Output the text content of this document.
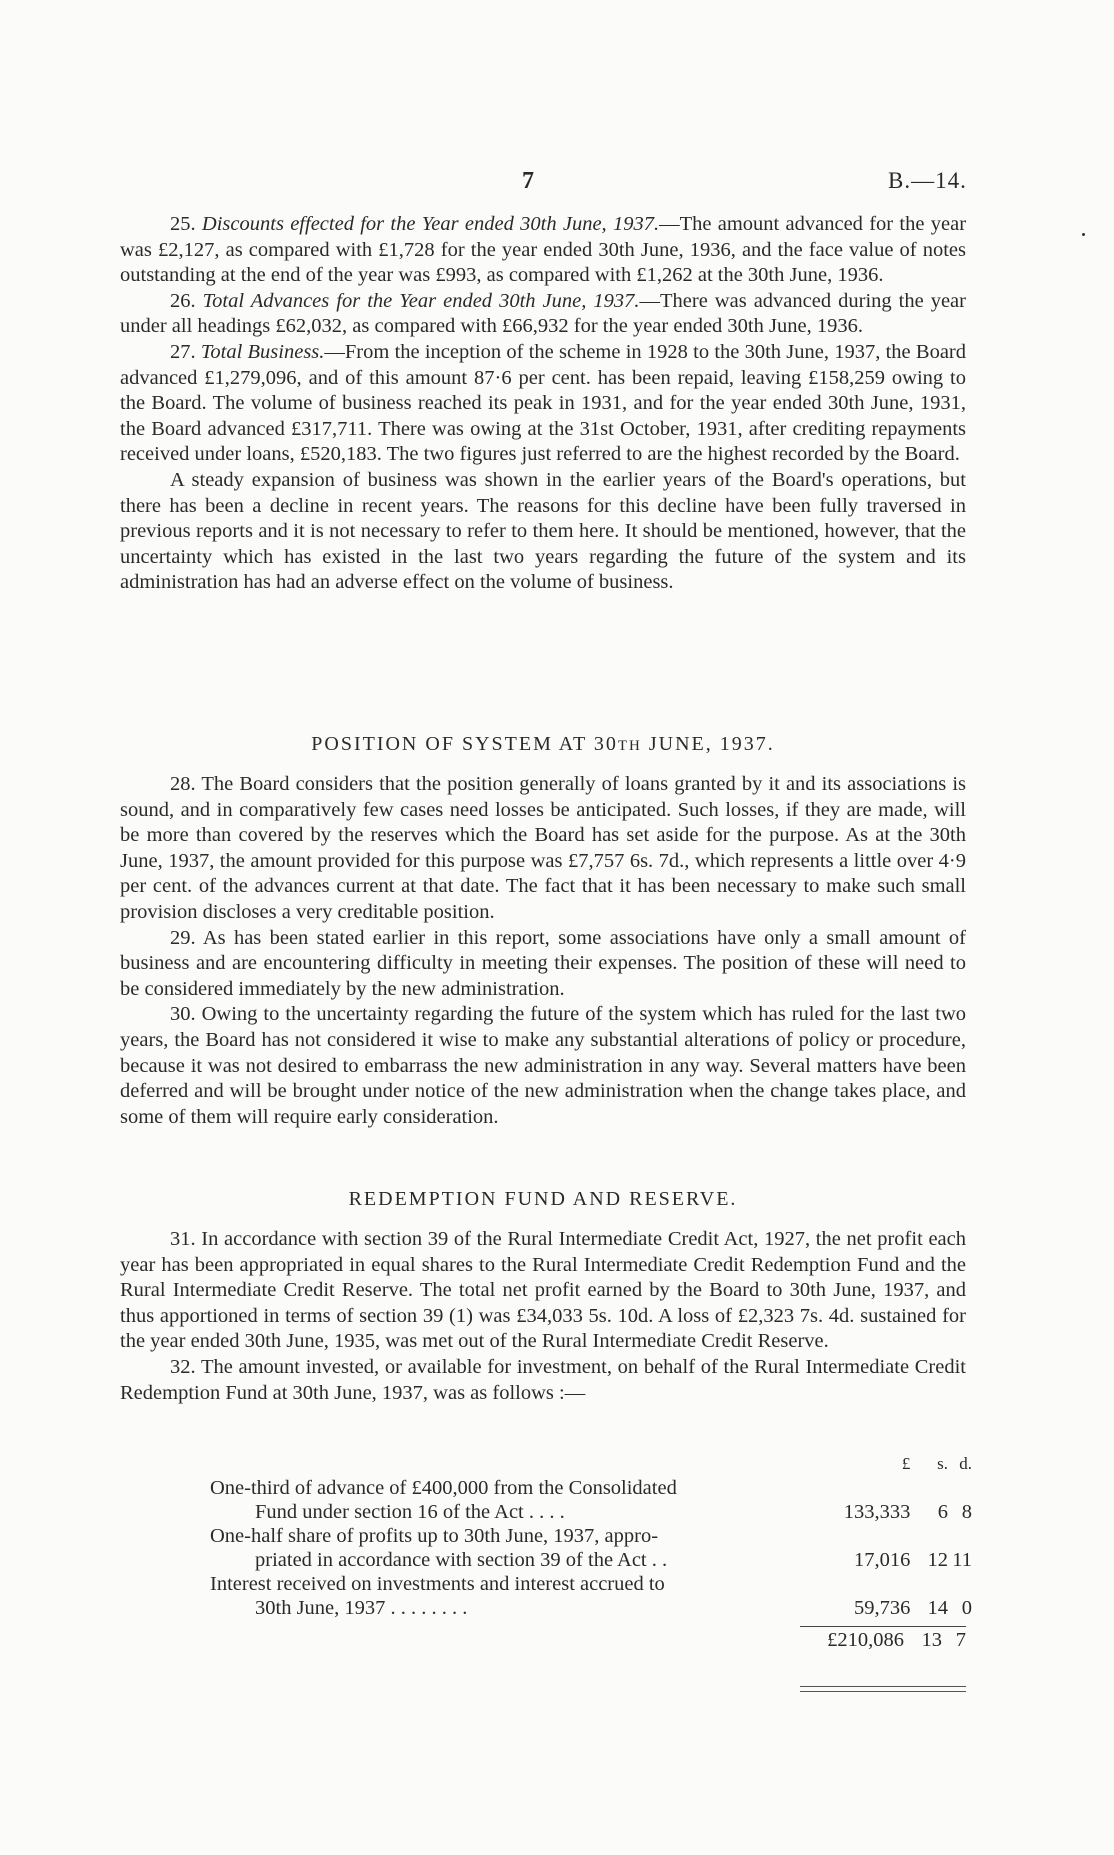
7	B.—14.

25. Discounts effected for the Year ended 30th June, 1937.—The amount advanced for the year was £2,127, as compared with £1,728 for the year ended 30th June, 1936, and the face value of notes outstanding at the end of the year was £993, as compared with £1,262 at the 30th June, 1936.

26. Total Advances for the Year ended 30th June, 1937.—There was advanced during the year under all headings £62,032, as compared with £66,932 for the year ended 30th June, 1936.

27. Total Business.—From the inception of the scheme in 1928 to the 30th June, 1937, the Board advanced £1,279,096, and of this amount 87·6 per cent. has been repaid, leaving £158,259 owing to the Board. The volume of business reached its peak in 1931, and for the year ended 30th June, 1931, the Board advanced £317,711. There was owing at the 31st October, 1931, after crediting repayments received under loans, £520,183. The two figures just referred to are the highest recorded by the Board.

A steady expansion of business was shown in the earlier years of the Board's operations, but there has been a decline in recent years. The reasons for this decline have been fully traversed in previous reports and it is not necessary to refer to them here. It should be mentioned, however, that the uncertainty which has existed in the last two years regarding the future of the system and its administration has had an adverse effect on the volume of business.

POSITION OF SYSTEM AT 30TH JUNE, 1937.

28. The Board considers that the position generally of loans granted by it and its associations is sound, and in comparatively few cases need losses be anticipated. Such losses, if they are made, will be more than covered by the reserves which the Board has set aside for the purpose. As at the 30th June, 1937, the amount provided for this purpose was £7,757 6s. 7d., which represents a little over 4·9 per cent. of the advances current at that date. The fact that it has been necessary to make such small provision discloses a very creditable position.

29. As has been stated earlier in this report, some associations have only a small amount of business and are encountering difficulty in meeting their expenses. The position of these will need to be considered immediately by the new administration.

30. Owing to the uncertainty regarding the future of the system which has ruled for the last two years, the Board has not considered it wise to make any substantial alterations of policy or procedure, because it was not desired to embarrass the new administration in any way. Several matters have been deferred and will be brought under notice of the new administration when the change takes place, and some of them will require early consideration.

REDEMPTION FUND AND RESERVE.

31. In accordance with section 39 of the Rural Intermediate Credit Act, 1927, the net profit each year has been appropriated in equal shares to the Rural Intermediate Credit Redemption Fund and the Rural Intermediate Credit Reserve. The total net profit earned by the Board to 30th June, 1937, and thus apportioned in terms of section 39 (1) was £34,033 5s. 10d. A loss of £2,323 7s. 4d. sustained for the year ended 30th June, 1935, was met out of the Rural Intermediate Credit Reserve.

32. The amount invested, or available for investment, on behalf of the Rural Intermediate Credit Redemption Fund at 30th June, 1937, was as follows :—

	£	s.	d.

One-third of advance of £400,000 from the Consolidated
Fund under section 16 of the Act . . . .	133,333	6	8

One-half share of profits up to 30th June, 1937, appro-
priated in accordance with section 39 of the Act . .	17,016	12	11

Interest received on investments and interest accrued to
30th June, 1937 . . . . . . . .	59,736	14	0
£210,086 13 7
